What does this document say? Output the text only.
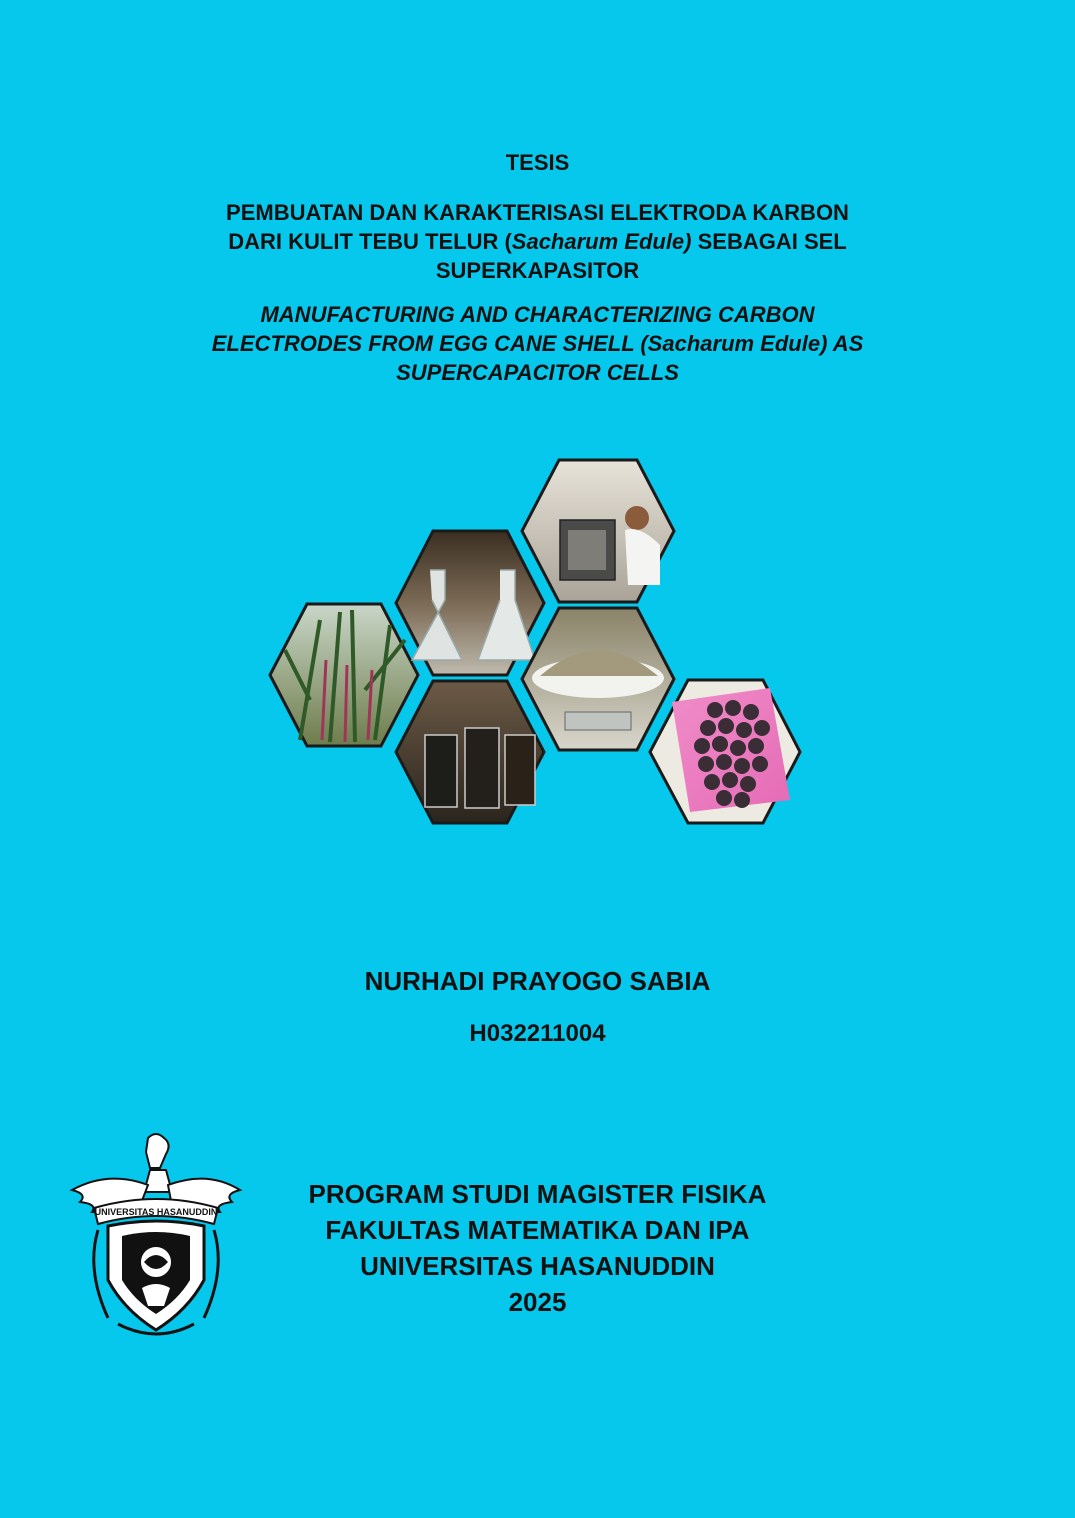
TESIS
PEMBUATAN DAN KARAKTERISASI ELEKTRODA KARBON
DARI KULIT TEBU TELUR (Sacharum Edule) SEBAGAI SEL
SUPERKAPASITOR
MANUFACTURING AND CHARACTERIZING CARBON
ELECTRODES FROM EGG CANE SHELL (Sacharum Edule) AS
SUPERCAPACITOR CELLS
NURHADI PRAYOGO SABIA
H032211004
UNIVERSITAS HASANUDDIN
PROGRAM STUDI MAGISTER FISIKA
FAKULTAS MATEMATIKA DAN IPA
UNIVERSITAS HASANUDDIN
2025
